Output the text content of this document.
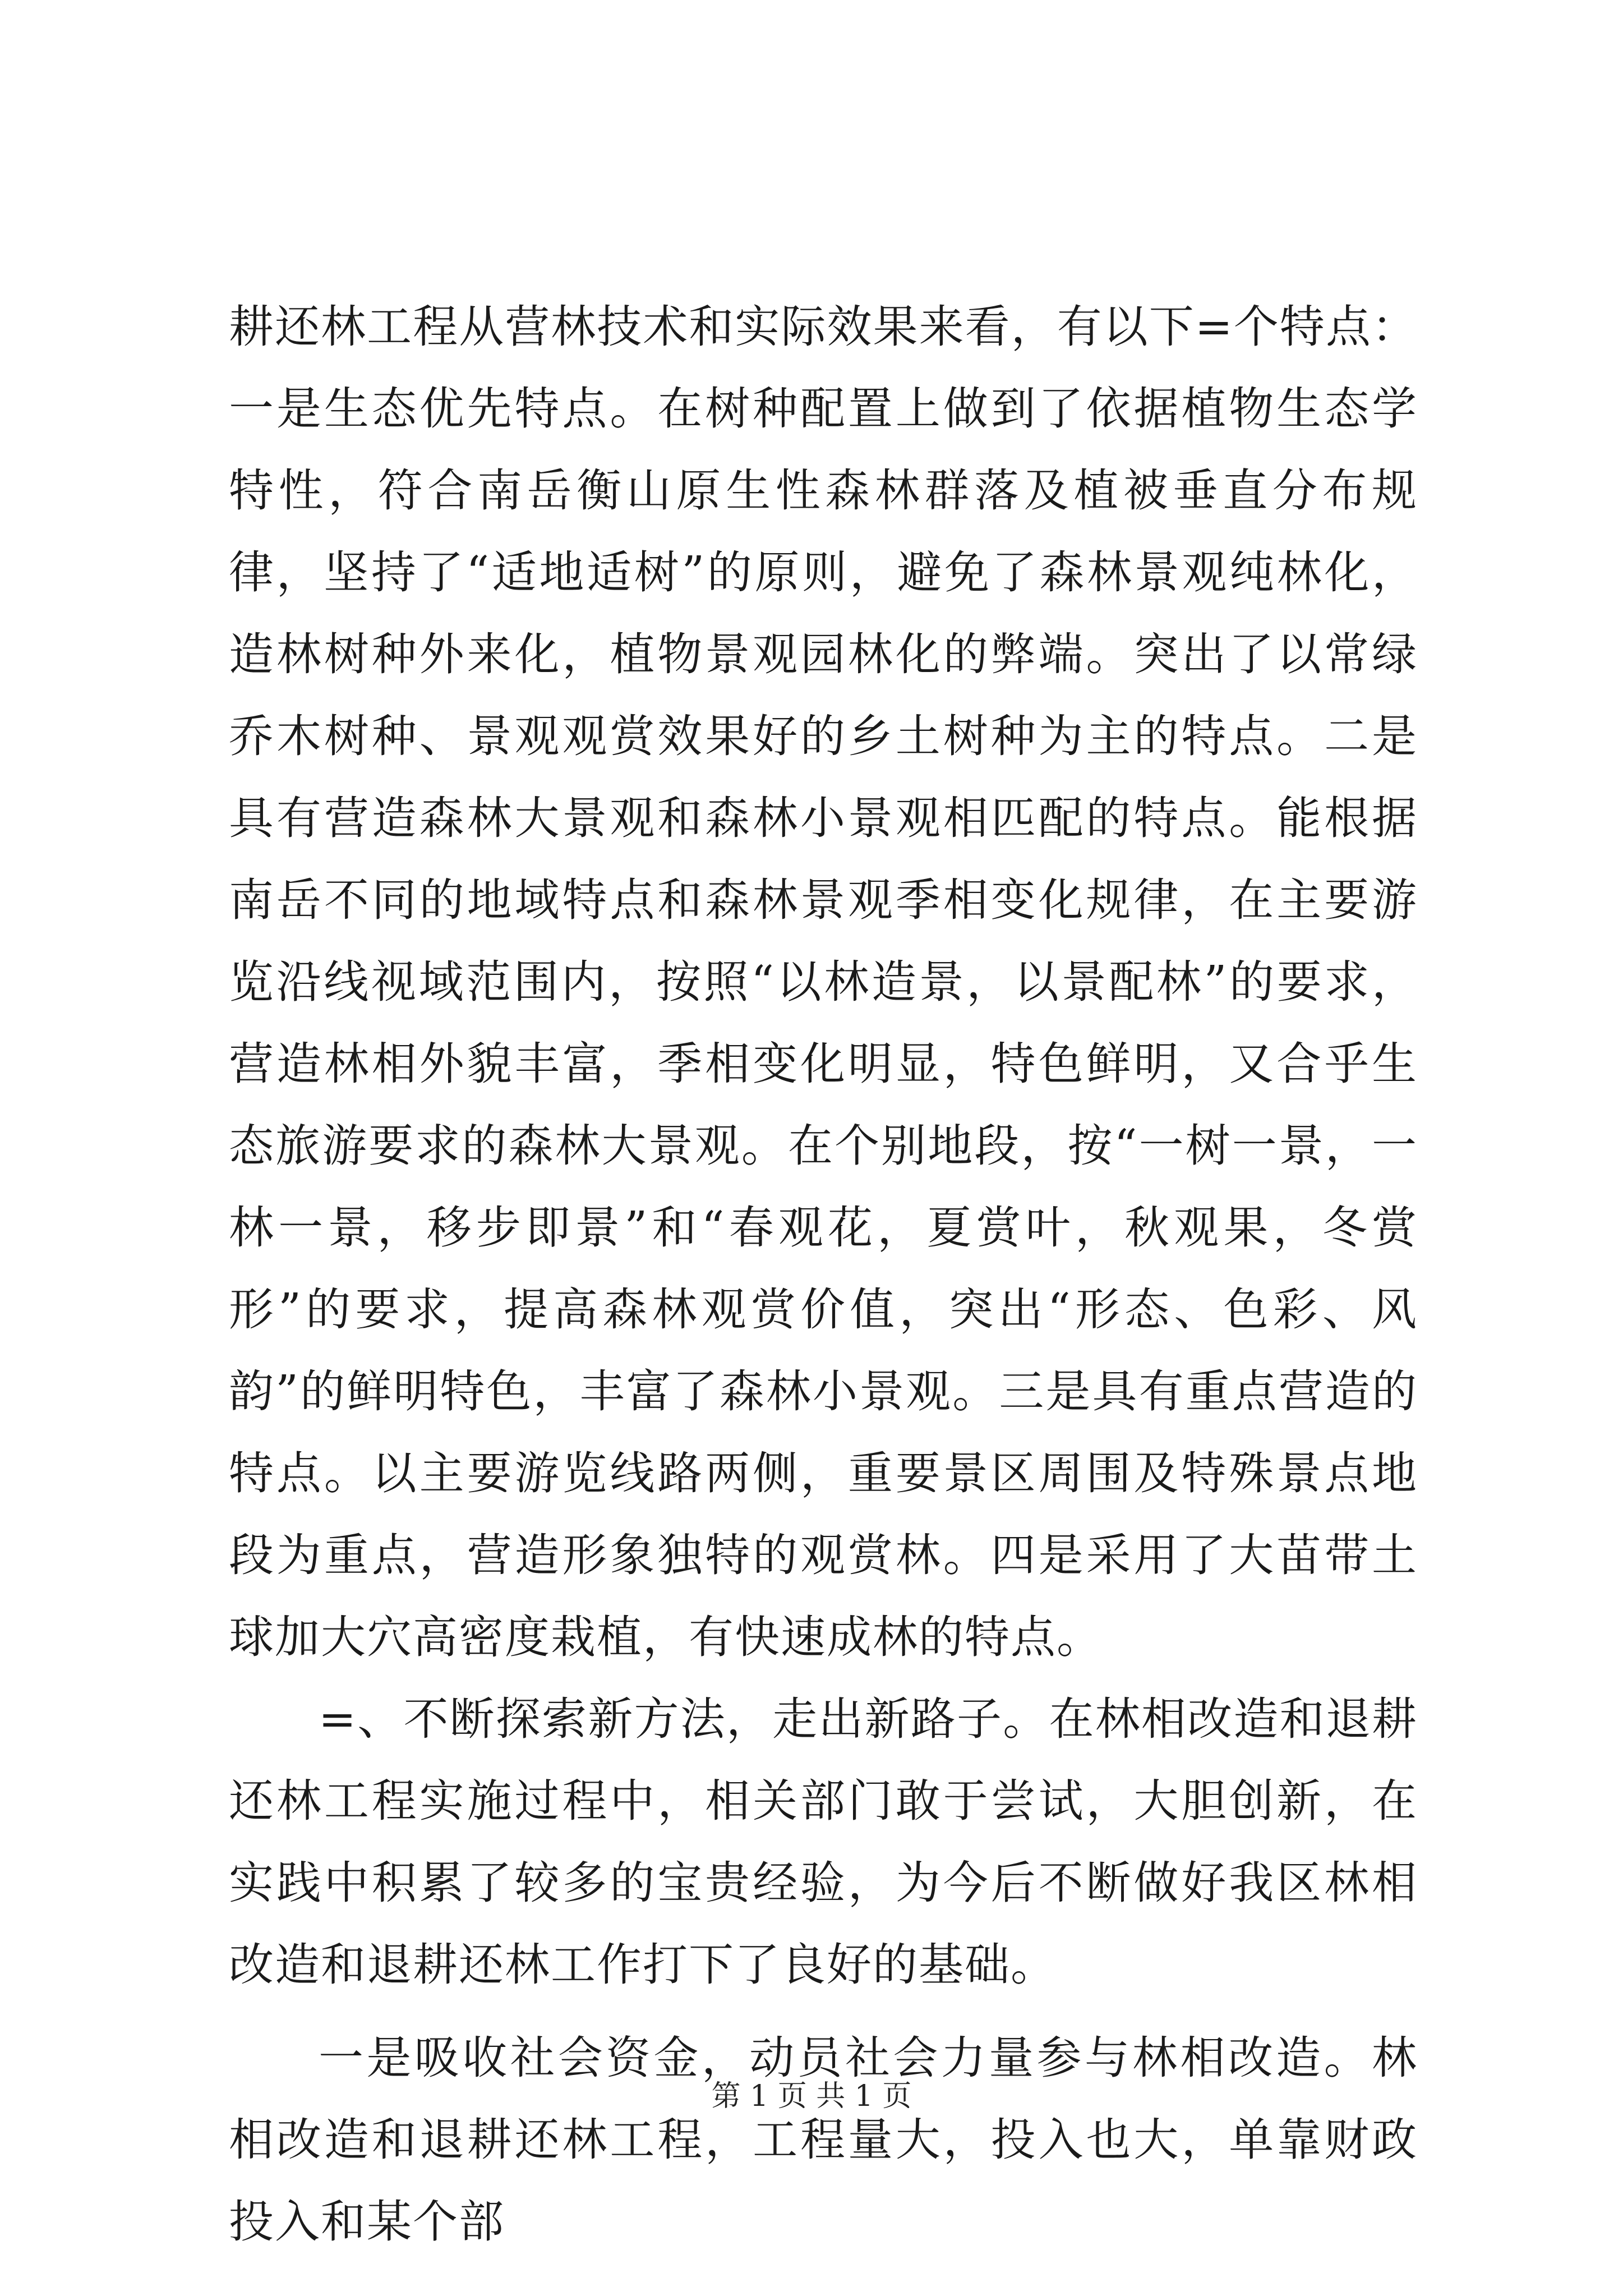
耕还林工程从营林技术和实际效果来看，有以下=个特点：一是生态优先特点。在树种配置上做到了依据植物生态学特性，符合南岳衡山原生性森林群落及植被垂直分布规律，坚持了“适地适树”的原则，避免了森林景观纯林化，造林树种外来化，植物景观园林化的弊端。突出了以常绿乔木树种、景观观赏效果好的乡土树种为主的特点。二是具有营造森林大景观和森林小景观相匹配的特点。能根据南岳不同的地域特点和森林景观季相变化规律，在主要游览沿线视域范围内，按照“以林造景，以景配林”的要求，营造林相外貌丰富，季相变化明显，特色鲜明，又合乎生态旅游要求的森林大景观。在个别地段，按“一树一景，一林一景，移步即景”和“春观花，夏赏叶，秋观果，冬赏形”的要求，提高森林观赏价值，突出“形态、色彩、风韵”的鲜明特色，丰富了森林小景观。三是具有重点营造的特点。以主要游览线路两侧，重要景区周围及特殊景点地段为重点，营造形象独特的观赏林。四是采用了大苗带土球加大穴高密度栽植，有快速成林的特点。

=、不断探索新方法，走出新路子。在林相改造和退耕还林工程实施过程中，相关部门敢于尝试，大胆创新，在实践中积累了较多的宝贵经验，为今后不断做好我区林相改造和退耕还林工作打下了良好的基础。

一是吸收社会资金，动员社会力量参与林相改造。林相改造和退耕还林工程，工程量大，投入也大，单靠财政投入和某个部

第 1 页 共 1 页
